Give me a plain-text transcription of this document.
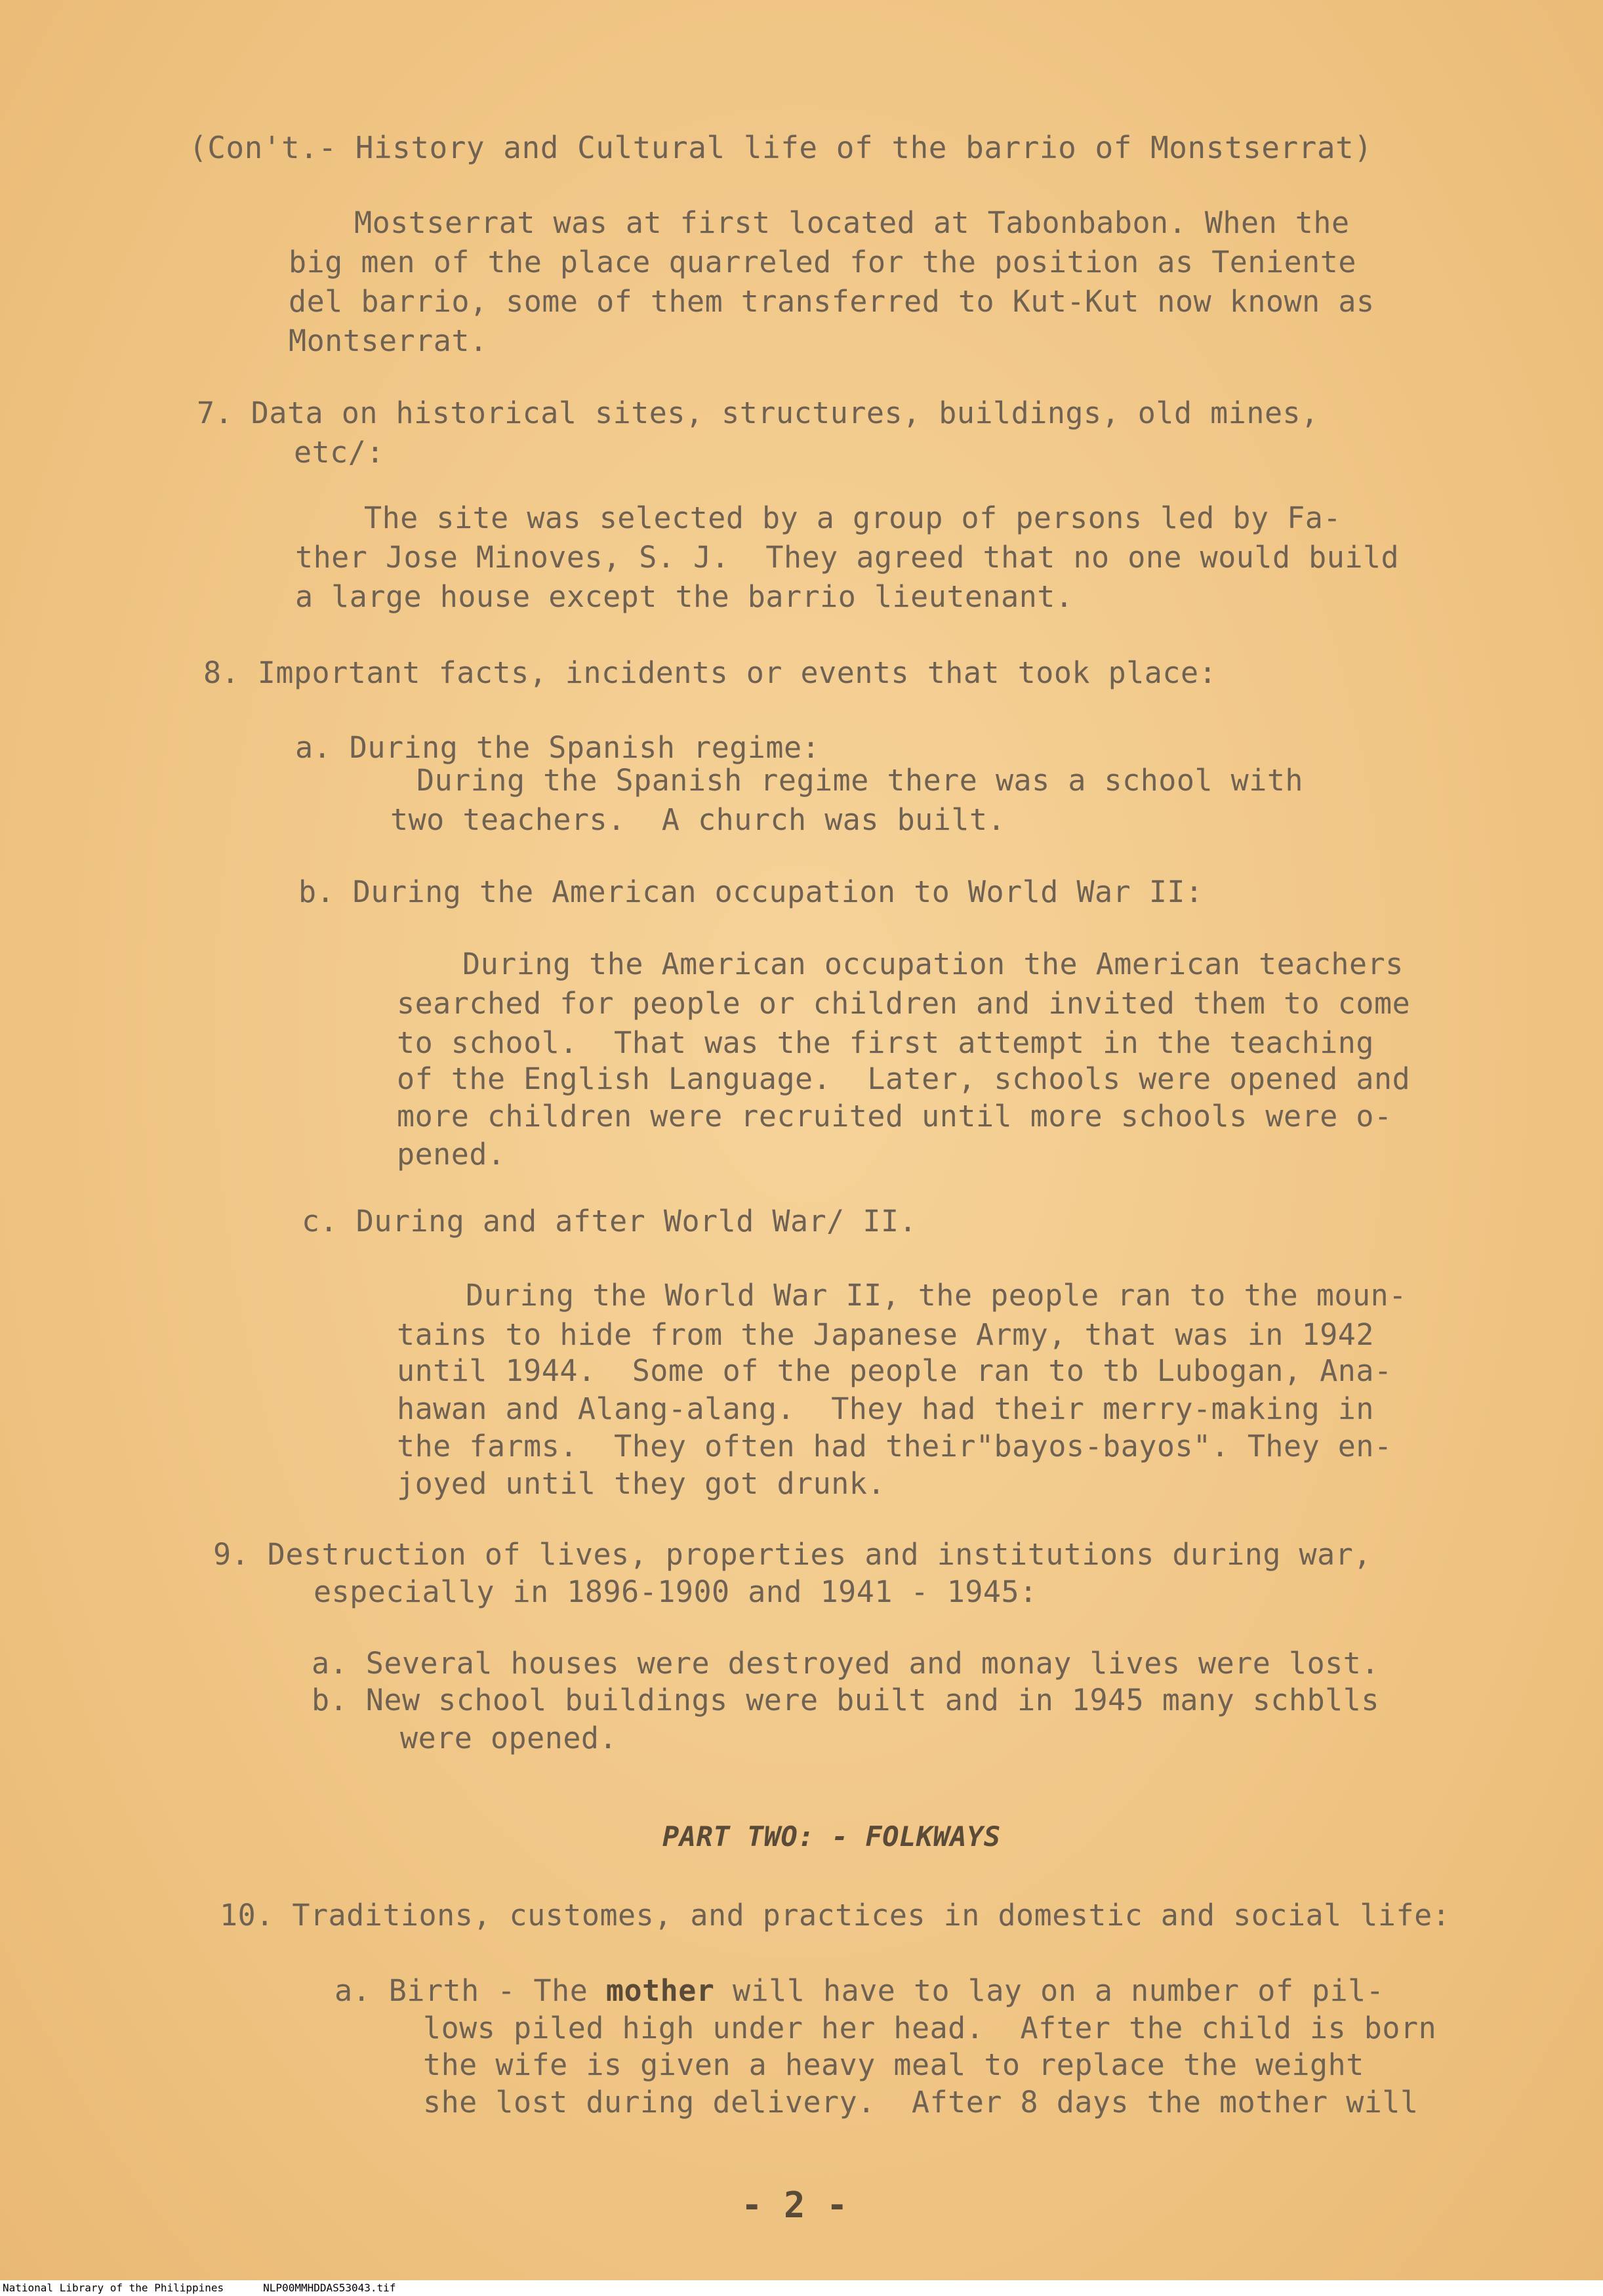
(Con't.- History and Cultural life of the barrio of Monstserrat)
Mostserrat was at first located at Tabonbabon. When the
big men of the place quarreled for the position as Teniente
del barrio, some of them transferred to Kut-Kut now known as
Montserrat.
7. Data on historical sites, structures, buildings, old mines,
etc/:
The site was selected by a group of persons led by Fa-
ther Jose Minoves, S. J.  They agreed that no one would build
a large house except the barrio lieutenant.
8. Important facts, incidents or events that took place:
a. During the Spanish regime:
During the Spanish regime there was a school with
two teachers.  A church was built.
b. During the American occupation to World War II:
During the American occupation the American teachers
searched for people or children and invited them to come
to school.  That was the first attempt in the teaching
of the English Language.  Later, schools were opened and
more children were recruited until more schools were o-
pened.
c. During and after World War/ II.
During the World War II, the people ran to the moun-
tains to hide from the Japanese Army, that was in 1942
until 1944.  Some of the people ran to tb Lubogan, Ana-
hawan and Alang-alang.  They had their merry-making in
the farms.  They often had their"bayos-bayos". They en-
joyed until they got drunk.
9. Destruction of lives, properties and institutions during war,
especially in 1896-1900 and 1941 - 1945:
a. Several houses were destroyed and monay lives were lost.
b. New school buildings were built and in 1945 many schblls
were opened.
PART TWO: - FOLKWAYS
10. Traditions, customes, and practices in domestic and social life:
a. Birth - The mother will have to lay on a number of pil-
lows piled high under her head.  After the child is born
the wife is given a heavy meal to replace the weight
she lost during delivery.  After 8 days the mother will
- 2 -
National Library of the Philippines	NLP00MMHDDAS53043.tif
